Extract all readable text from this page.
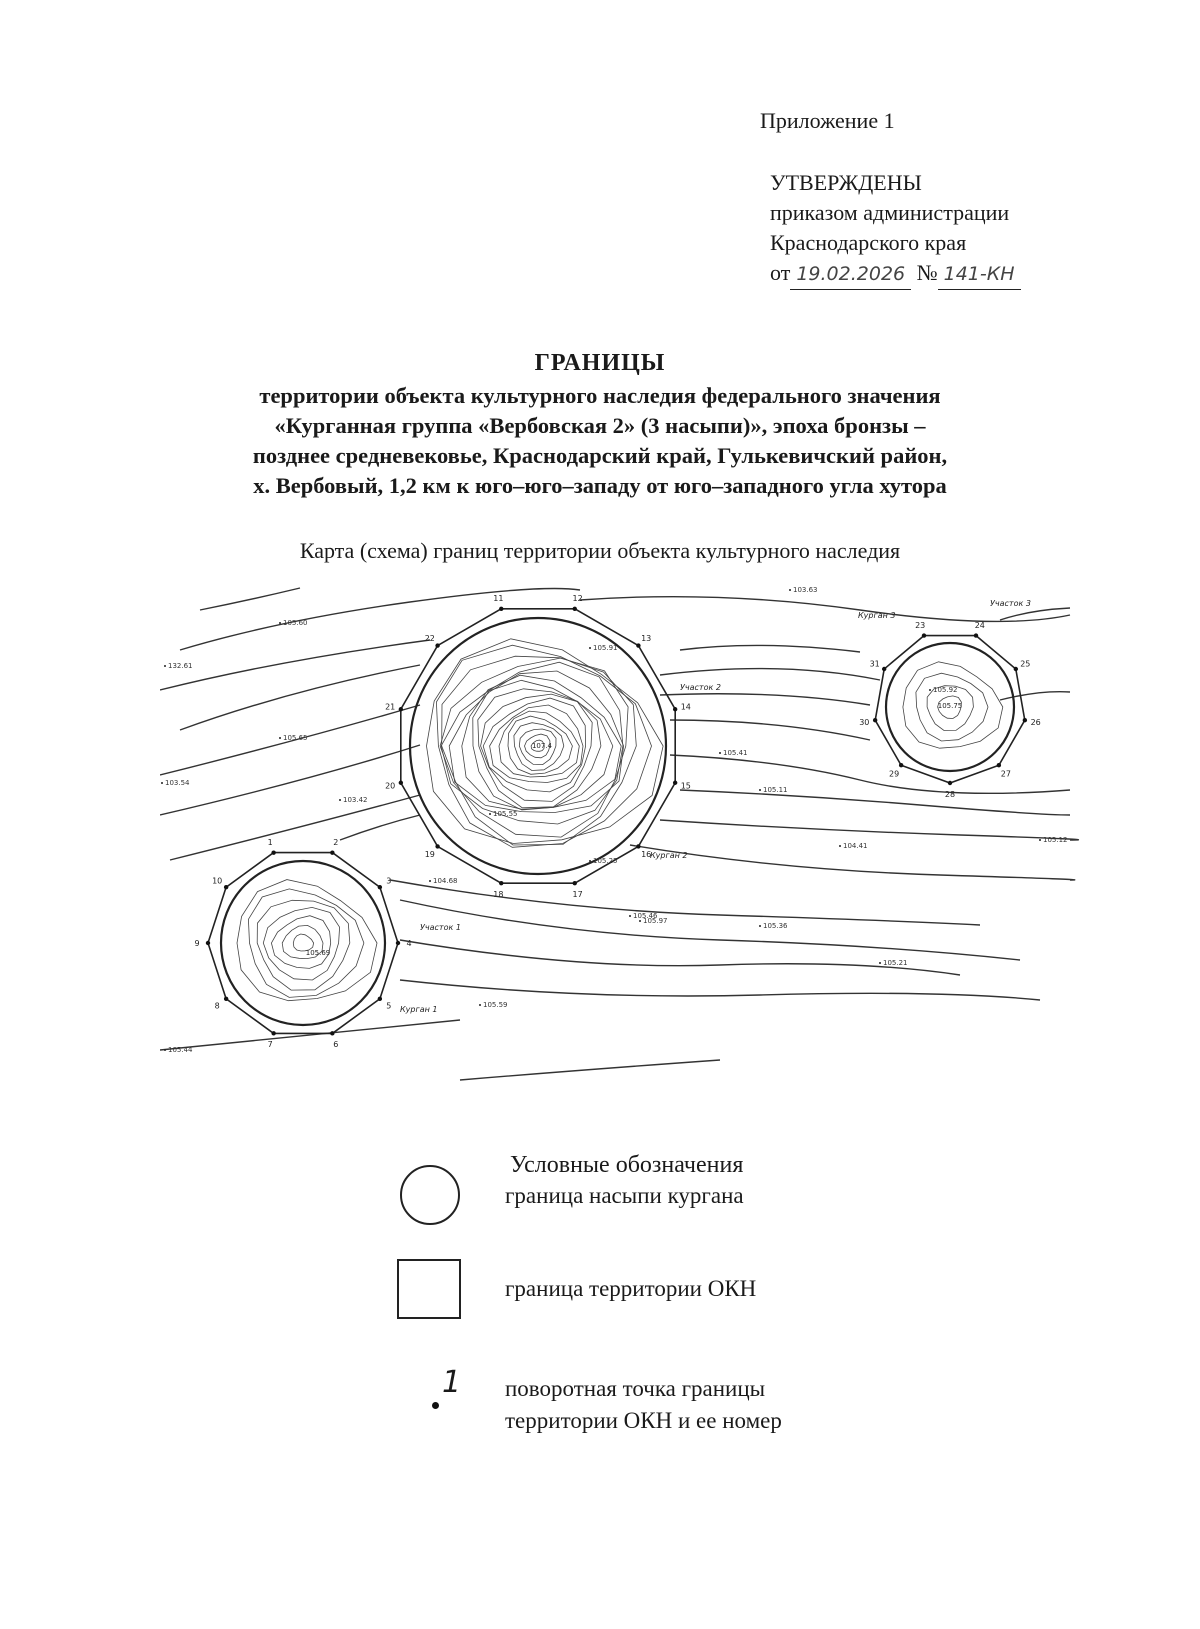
Приложение 1
УТВЕРЖДЕНЫ
приказом администрации
Краснодарского края
от 19.02.2026 № 141-КН
ГРАНИЦЫ
территории объекта культурного наследия федерального значения
«Курганная группа «Вербовская 2» (3 насыпи)», эпоха бронзы –
позднее средневековье, Краснодарский край, Гулькевичский район,
х. Вербовый, 1,2 км к юго–юго–западу от юго–западного угла хутора
Карта (схема) границ территории объекта культурного наследия
1	2
3
4
5
6
7
8
9
10
105.69
Курган 1
Участок 1
11	12
13
14
15
16
17
18
19
20
21
22
107.4
Курган 2
Участок 2
23	24
25
26
27
28
29
30
31
105.75
Курган 3
Участок 3
132.61
103.54
105.65
105.60
103.42
105.55
105.41
105.25
105.46
105.21
105.12
104.41
105.97
105.36
105.11
104.68
105.59
103.63
105.44
105.92
105.91
Условные обозначения
граница насыпи кургана
граница территории ОКН
1 поворотная точка границы
территории ОКН и ее номер
